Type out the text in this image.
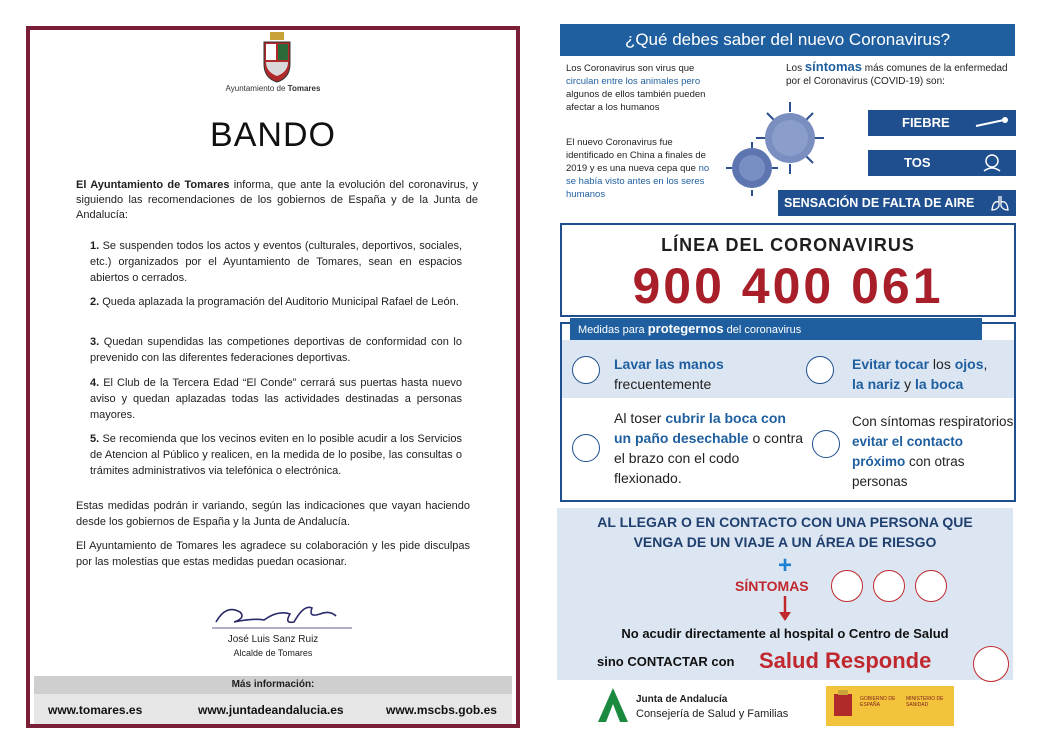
Ayuntamiento de Tomares
BANDO
El Ayuntamiento de Tomares informa, que ante la evolución del coronavirus, y siguiendo las recomendaciones de los gobiernos de España y de la Junta de Andalucía:
1. Se suspenden todos los actos y eventos (culturales, deportivos, sociales, etc.) organizados por el Ayuntamiento de Tomares, sean en espacios abiertos o cerrados.
2. Queda aplazada la programación del Auditorio Municipal Rafael de León.
3. Quedan supendidas las competiones deportivas de conformidad con lo prevenido con las diferentes federaciones deportivas.
4. El Club de la Tercera Edad “El Conde” cerrará sus puertas hasta nuevo aviso y quedan aplazadas todas las actividades destinadas a personas mayores.
5. Se recomienda que los vecinos eviten en lo posible acudir a los Servicios de Atencion al Público y realicen, en la medida de lo posibe, las consultas o trámites administrativos via telefónica o electrónica.
Estas medidas podrán ir variando, según las indicaciones que vayan haciendo desde los gobiernos de España y la Junta de Andalucía.
El Ayuntamiento de Tomares les agradece su colaboración y les pide disculpas por las molestias que estas medidas puedan ocasionar.
José Luis Sanz Ruiz
Alcalde de Tomares
Más información:
www.tomares.es	www.juntadeandalucia.es	www.mscbs.gob.es
¿Qué debes saber del nuevo Coronavirus?
Los Coronavirus son virus que circulan entre los animales pero algunos de ellos también pueden afectar a los humanos
El nuevo Coronavirus fue identificado en China a finales de 2019 y es una nueva cepa que no se había visto antes en los seres humanos
Los síntomas más comunes de la enfermedad por el Coronavirus (COVID-19) son:
FIEBRE
TOS
SENSACIÓN DE FALTA DE AIRE
LÍNEA DEL CORONAVIRUS
900 400 061
Medidas para protegernos del coronavirus
Lavar las manos
frecuentemente
Evitar tocar los ojos,
la nariz y la boca
Al toser cubrir la boca con un paño desechable o contra el brazo con el codo flexionado.
Con síntomas respiratorios evitar el contacto próximo con otras personas
AL LLEGAR O EN CONTACTO CON UNA PERSONA QUE
VENGA DE UN VIAJE A UN ÁREA DE RIESGO
+
SÍNTOMAS
No acudir directamente al hospital o Centro de Salud
sino CONTACTAR con Salud Responde
Junta de Andalucía
Consejería de Salud y Familias
GOBIERNO DE ESPAÑA
MINISTERIO DE SANIDAD
